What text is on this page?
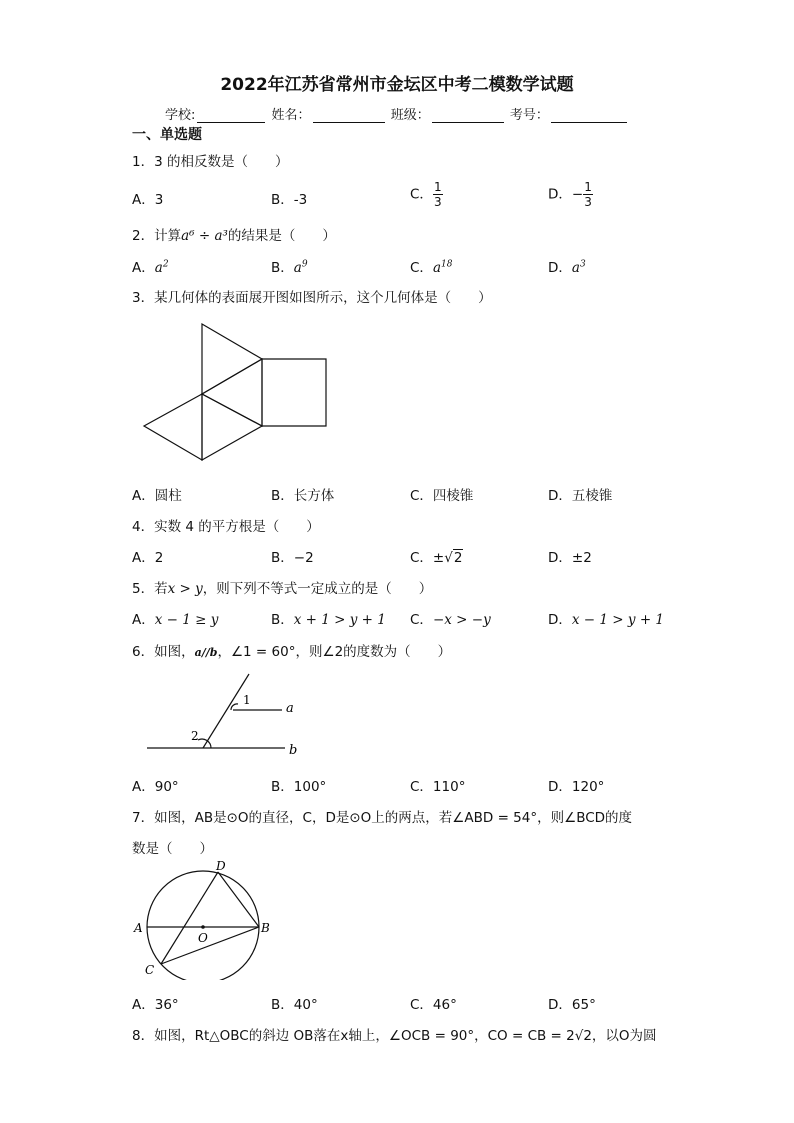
2022年江苏省常州市金坛区中考二模数学试题
学校:	姓名：	班级：	考号：
一、单选题
1．3 的相反数是（　　）
A．3	B．-3	C． $\frac{1}{3}$	D．− $\frac{1}{3}$
2．计算a⁶ ÷ a³的结果是（　　）
A．$a^2$	B．$a^9$	C．$a^{18}$	D．$a^3$
3．某几何体的表面展开图如图所示，这个几何体是（　　）
A．圆柱	B．长方体	C．四棱锥	D．五棱锥
4．实数 4 的平方根是（　　）
A．2	B．−2	C．±√2	D．±2
5．若x > y，则下列不等式一定成立的是（　　）
A．x − 1 ≥ y	B．x + 1 > y + 1 C．−x > −y	D．x − 1 > y + 1
6．如图，a//b，∠1 = 60°，则∠2的度数为（　　）
1
2
a
b
A．90°	B．100°	C．110°	D．120°
7．如图，AB是⊙O的直径，C，D是⊙O上的两点，若∠ABD = 54°，则∠BCD的度
数是（　　）
A	B
C
D
O
A．36°	B．40°	C．46°	D．65°
8．如图，Rt△OBC的斜边 OB落在x轴上，∠OCB = 90°，CO = CB = 2√2，以O为圆
